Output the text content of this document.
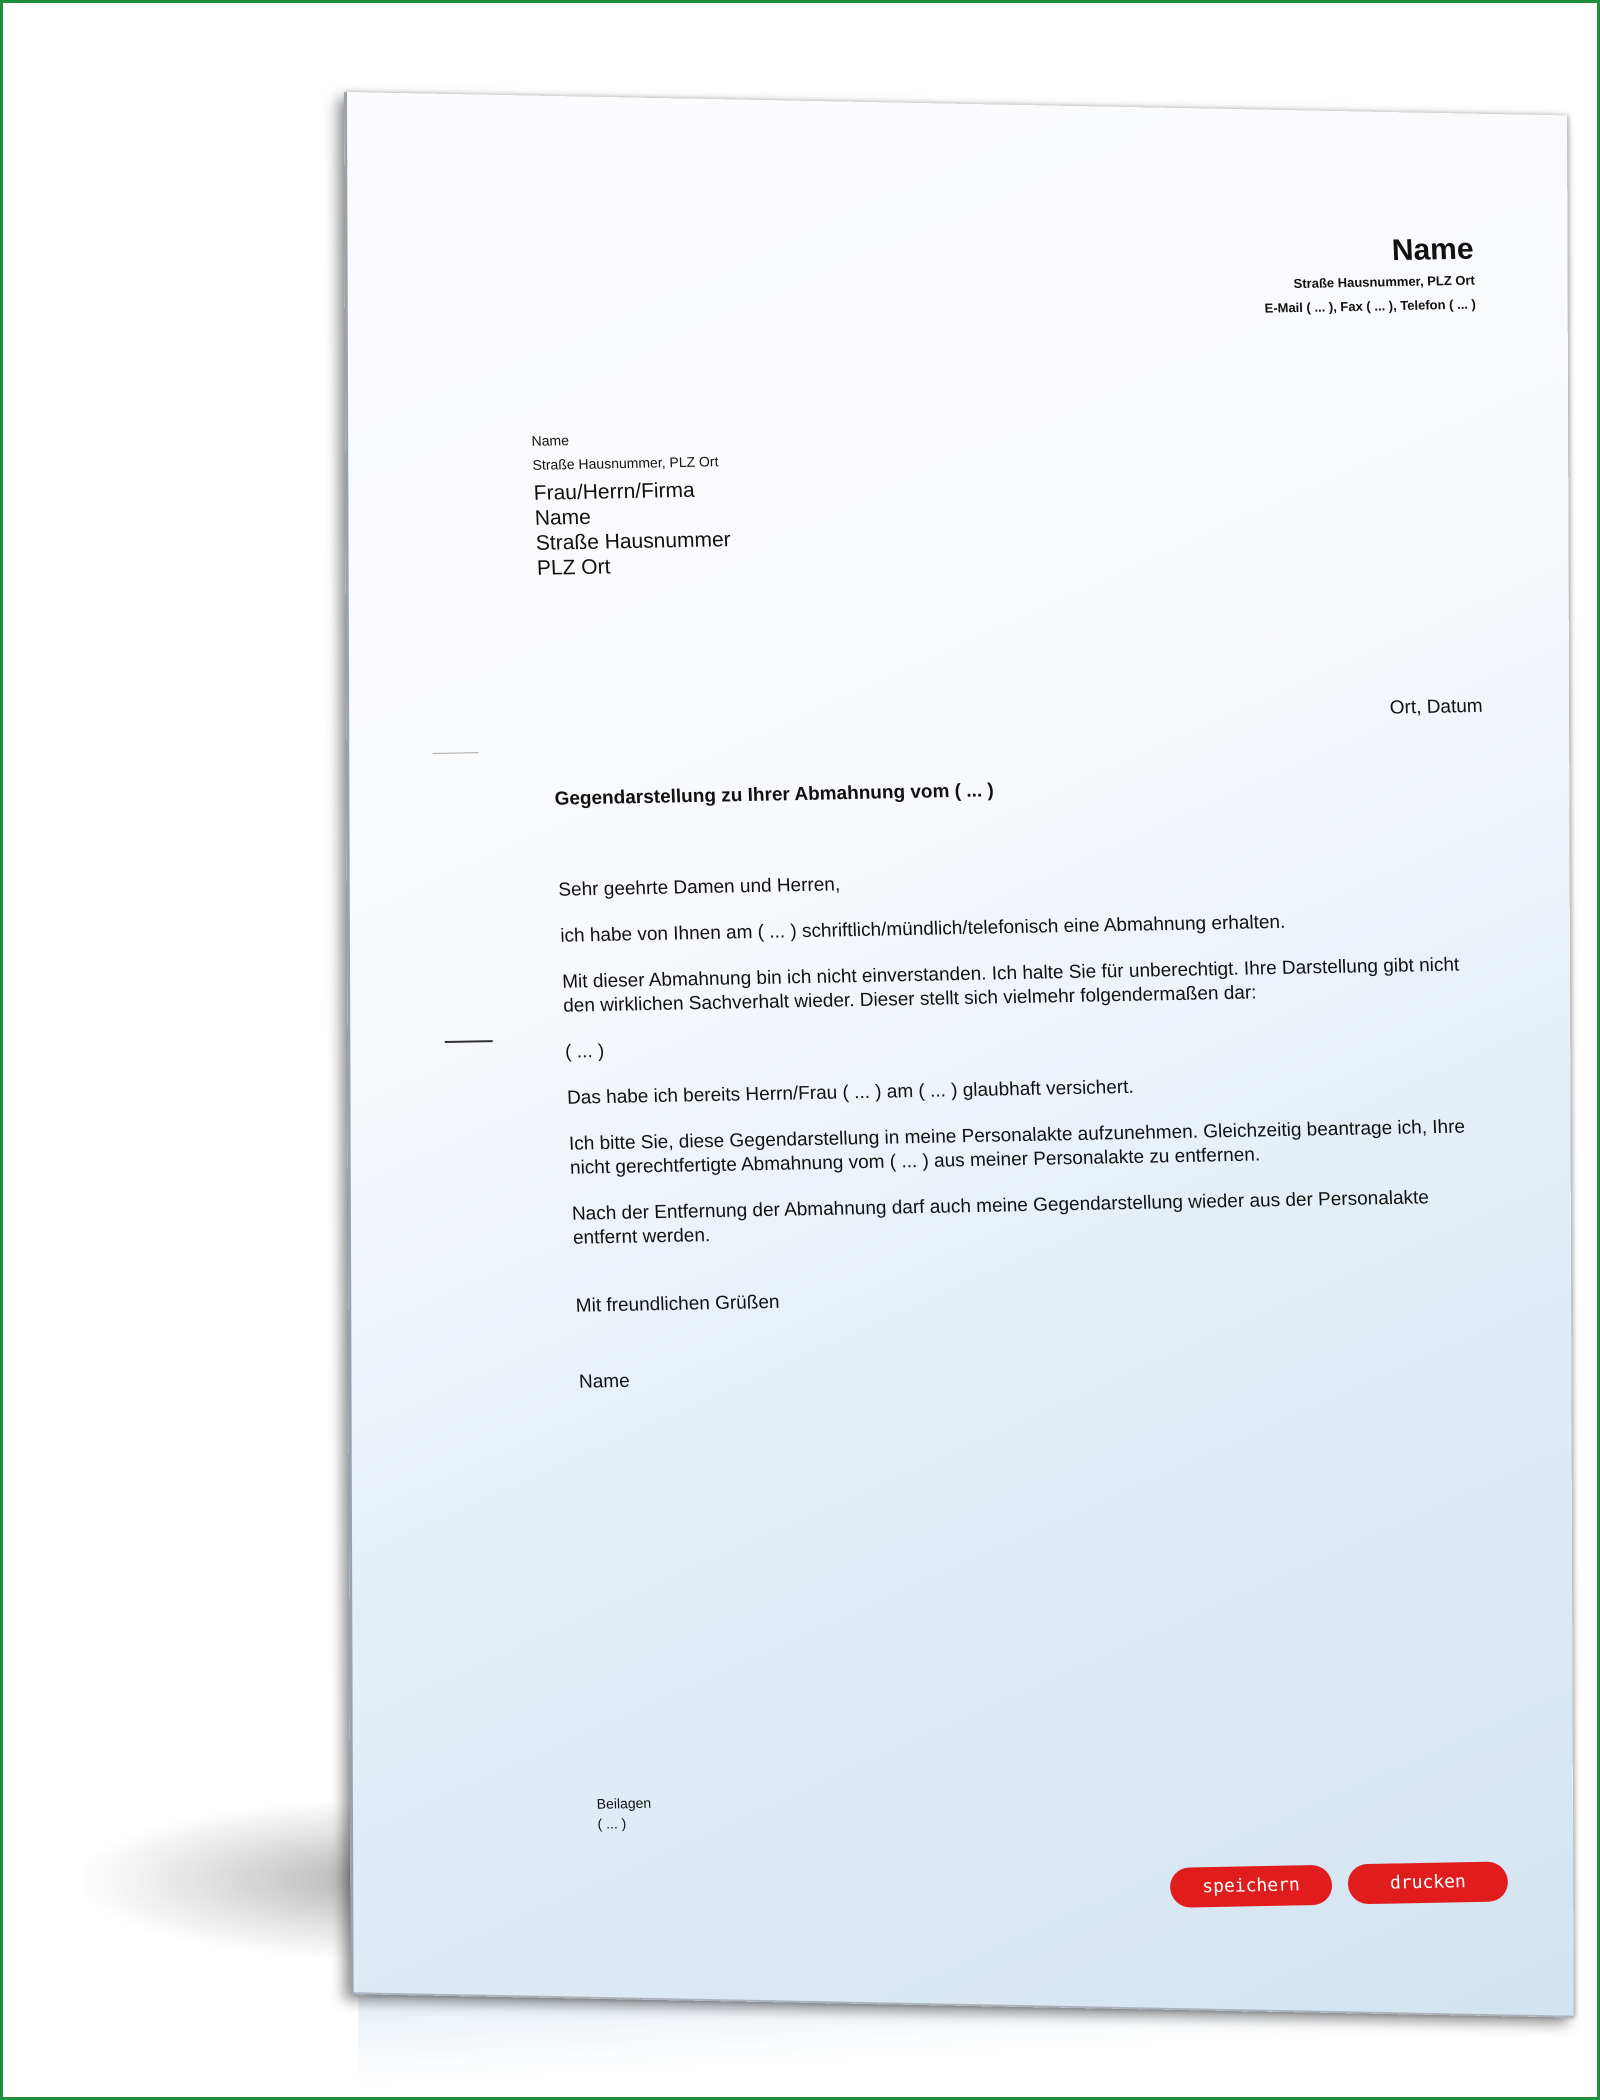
Name
Straße Hausnummer, PLZ Ort
E-Mail ( ... ), Fax ( ... ), Telefon ( ... )
Name
Straße Hausnummer, PLZ Ort
Frau/Herrn/Firma
Name
Straße Hausnummer
PLZ Ort
Ort, Datum
Gegendarstellung zu Ihrer Abmahnung vom ( ... )

Sehr geehrte Damen und Herren,

ich habe von Ihnen am ( ... ) schriftlich/mündlich/telefonisch eine Abmahnung erhalten.

Mit dieser Abmahnung bin ich nicht einverstanden. Ich halte Sie für unberechtigt. Ihre Darstellung gibt nicht den wirklichen Sachverhalt wieder. Dieser stellt sich vielmehr folgendermaßen dar:

( ... )

Das habe ich bereits Herrn/Frau ( ... ) am ( ... ) glaubhaft versichert.

Ich bitte Sie, diese Gegendarstellung in meine Personalakte aufzunehmen. Gleichzeitig beantrage ich, Ihre nicht gerechtfertigte Abmahnung vom ( ... ) aus meiner Personalakte zu entfernen.

Nach der Entfernung der Abmahnung darf auch meine Gegendarstellung wieder aus der Personalakte entfernt werden.

Mit freundlichen Grüßen

Name

Beilagen
( ... )
speichern	drucken
